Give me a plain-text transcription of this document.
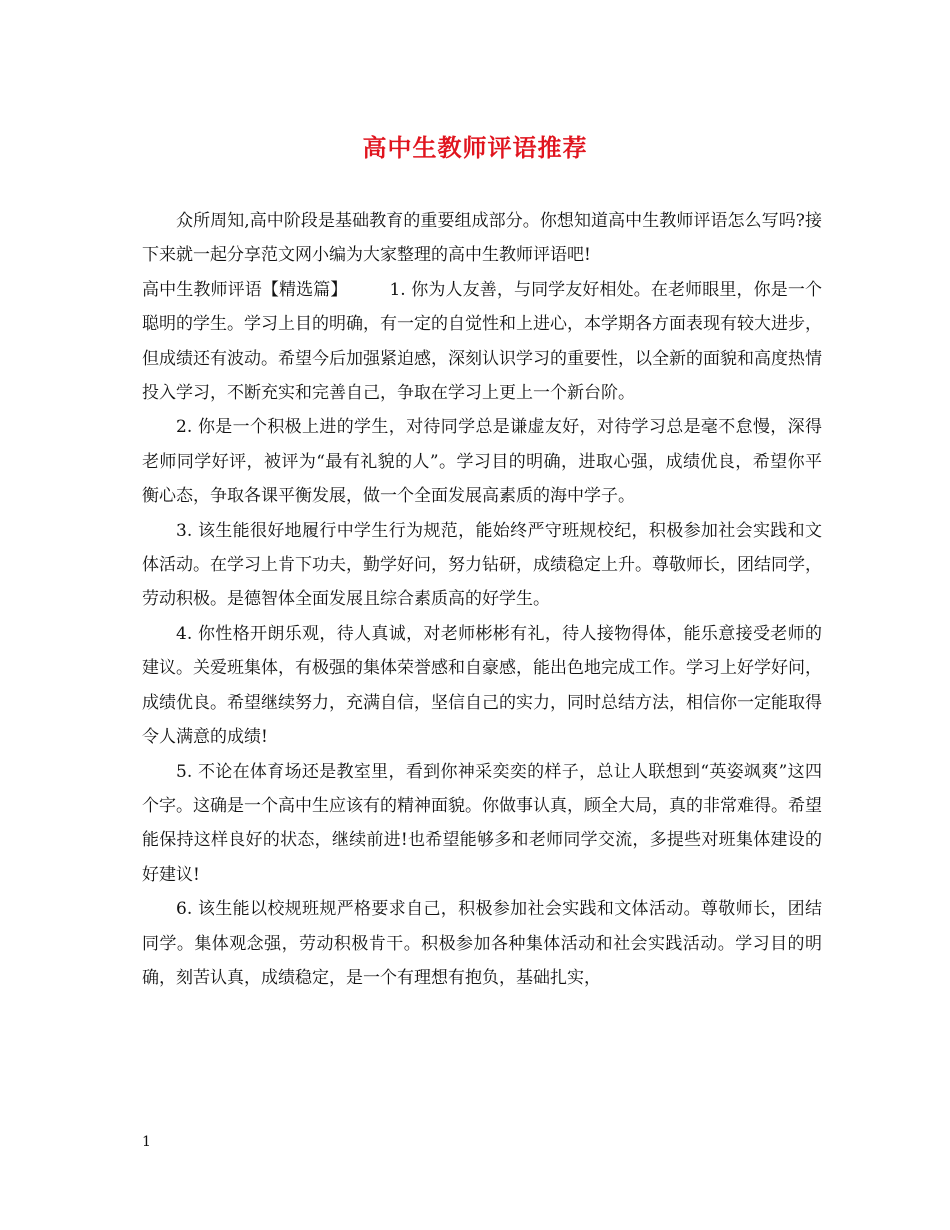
高中生教师评语推荐

众所周知,高中阶段是基础教育的重要组成部分。你想知道高中生教师评语怎么写吗?接下来就一起分享范文网小编为大家整理的高中生教师评语吧!

高中生教师评语【精选篇】 1. 你为人友善，与同学友好相处。在老师眼里，你是一个聪明的学生。学习上目的明确，有一定的自觉性和上进心，本学期各方面表现有较大进步，但成绩还有波动。希望今后加强紧迫感，深刻认识学习的重要性，以全新的面貌和高度热情投入学习，不断充实和完善自己，争取在学习上更上一个新台阶。

2. 你是一个积极上进的学生，对待同学总是谦虚友好，对待学习总是毫不怠慢，深得老师同学好评，被评为“最有礼貌的人”。学习目的明确，进取心强，成绩优良，希望你平衡心态，争取各课平衡发展，做一个全面发展高素质的海中学子。

3. 该生能很好地履行中学生行为规范，能始终严守班规校纪，积极参加社会实践和文体活动。在学习上肯下功夫，勤学好问，努力钻研，成绩稳定上升。尊敬师长，团结同学，劳动积极。是德智体全面发展且综合素质高的好学生。

4. 你性格开朗乐观，待人真诚，对老师彬彬有礼，待人接物得体，能乐意接受老师的建议。关爱班集体，有极强的集体荣誉感和自豪感，能出色地完成工作。学习上好学好问，成绩优良。希望继续努力，充满自信，坚信自己的实力，同时总结方法，相信你一定能取得令人满意的成绩!

5. 不论在体育场还是教室里，看到你神采奕奕的样子，总让人联想到“英姿飒爽”这四个字。这确是一个高中生应该有的精神面貌。你做事认真，顾全大局，真的非常难得。希望能保持这样良好的状态，继续前进!也希望能够多和老师同学交流，多提些对班集体建设的好建议!

6. 该生能以校规班规严格要求自己，积极参加社会实践和文体活动。尊敬师长，团结同学。集体观念强，劳动积极肯干。积极参加各种集体活动和社会实践活动。学习目的明确，刻苦认真，成绩稳定，是一个有理想有抱负，基础扎实，

1
